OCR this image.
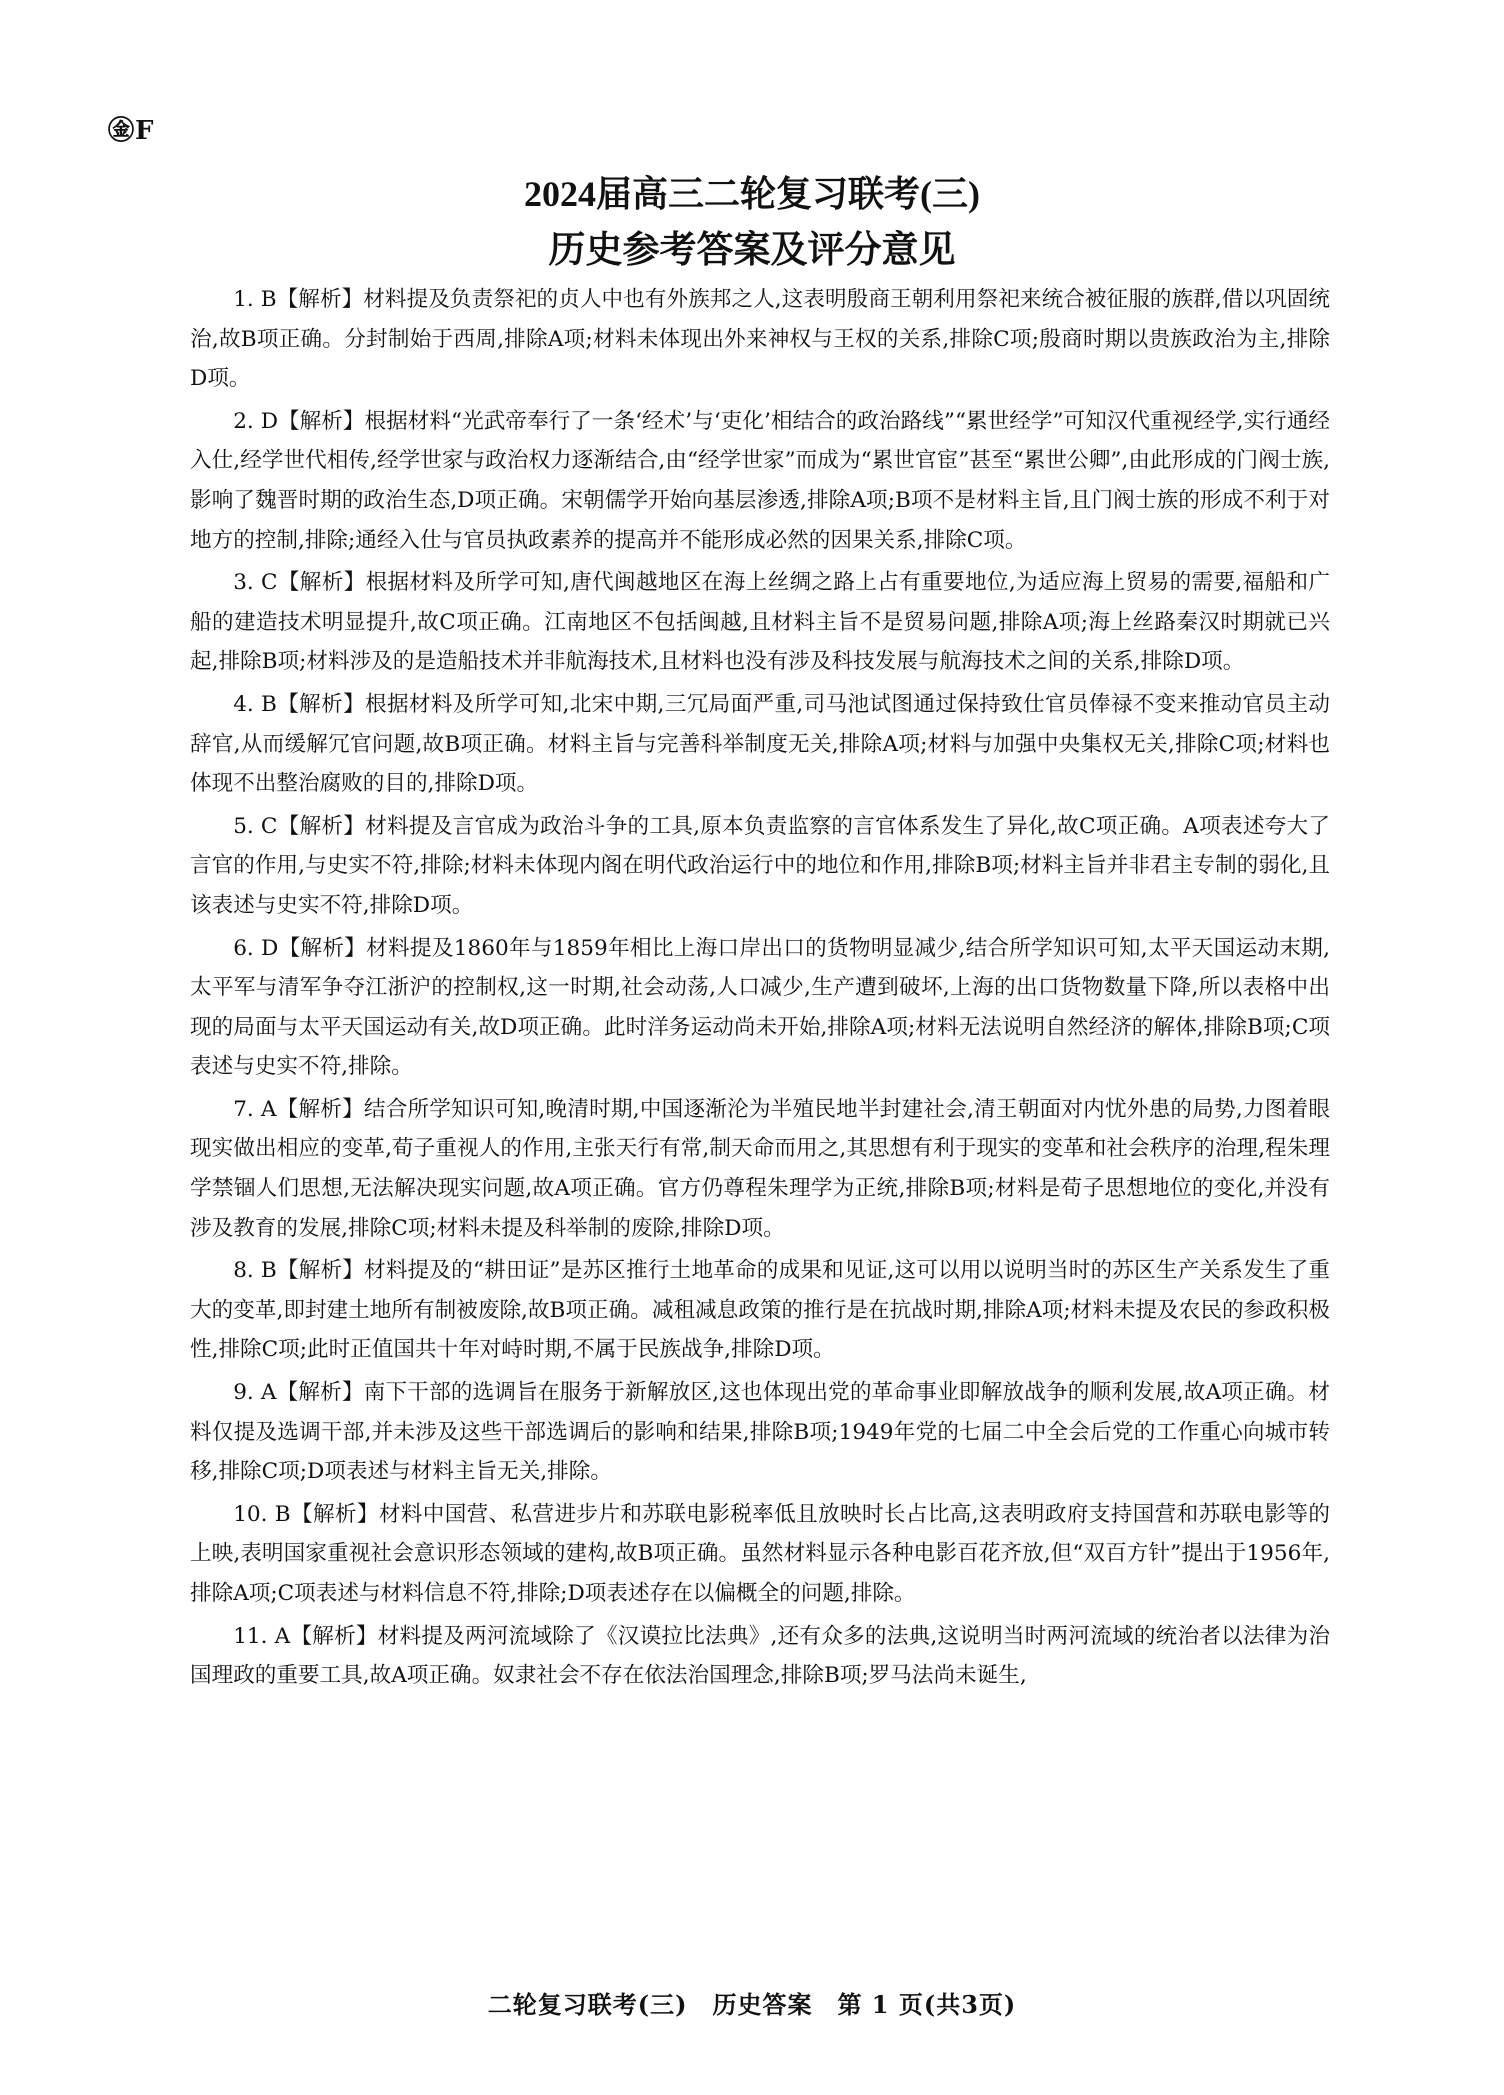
㊎F
2024届高三二轮复习联考(三)
历史参考答案及评分意见

1. B【解析】材料提及负责祭祀的贞人中也有外族邦之人,这表明殷商王朝利用祭祀来统合被征服的族群,借以巩固统治,故B项正确。分封制始于西周,排除A项;材料未体现出外来神权与王权的关系,排除C项;殷商时期以贵族政治为主,排除D项。

2. D【解析】根据材料“光武帝奉行了一条‘经术’与‘吏化’相结合的政治路线”“累世经学”可知汉代重视经学,实行通经入仕,经学世代相传,经学世家与政治权力逐渐结合,由“经学世家”而成为“累世官宦”甚至“累世公卿”,由此形成的门阀士族,影响了魏晋时期的政治生态,D项正确。宋朝儒学开始向基层渗透,排除A项;B项不是材料主旨,且门阀士族的形成不利于对地方的控制,排除;通经入仕与官员执政素养的提高并不能形成必然的因果关系,排除C项。

3. C【解析】根据材料及所学可知,唐代闽越地区在海上丝绸之路上占有重要地位,为适应海上贸易的需要,福船和广船的建造技术明显提升,故C项正确。江南地区不包括闽越,且材料主旨不是贸易问题,排除A项;海上丝路秦汉时期就已兴起,排除B项;材料涉及的是造船技术并非航海技术,且材料也没有涉及科技发展与航海技术之间的关系,排除D项。

4. B【解析】根据材料及所学可知,北宋中期,三冗局面严重,司马池试图通过保持致仕官员俸禄不变来推动官员主动辞官,从而缓解冗官问题,故B项正确。材料主旨与完善科举制度无关,排除A项;材料与加强中央集权无关,排除C项;材料也体现不出整治腐败的目的,排除D项。

5. C【解析】材料提及言官成为政治斗争的工具,原本负责监察的言官体系发生了异化,故C项正确。A项表述夸大了言官的作用,与史实不符,排除;材料未体现内阁在明代政治运行中的地位和作用,排除B项;材料主旨并非君主专制的弱化,且该表述与史实不符,排除D项。

6. D【解析】材料提及1860年与1859年相比上海口岸出口的货物明显减少,结合所学知识可知,太平天国运动末期,太平军与清军争夺江浙沪的控制权,这一时期,社会动荡,人口减少,生产遭到破坏,上海的出口货物数量下降,所以表格中出现的局面与太平天国运动有关,故D项正确。此时洋务运动尚未开始,排除A项;材料无法说明自然经济的解体,排除B项;C项表述与史实不符,排除。

7. A【解析】结合所学知识可知,晚清时期,中国逐渐沦为半殖民地半封建社会,清王朝面对内忧外患的局势,力图着眼现实做出相应的变革,荀子重视人的作用,主张天行有常,制天命而用之,其思想有利于现实的变革和社会秩序的治理,程朱理学禁锢人们思想,无法解决现实问题,故A项正确。官方仍尊程朱理学为正统,排除B项;材料是荀子思想地位的变化,并没有涉及教育的发展,排除C项;材料未提及科举制的废除,排除D项。

8. B【解析】材料提及的“耕田证”是苏区推行土地革命的成果和见证,这可以用以说明当时的苏区生产关系发生了重大的变革,即封建土地所有制被废除,故B项正确。减租减息政策的推行是在抗战时期,排除A项;材料未提及农民的参政积极性,排除C项;此时正值国共十年对峙时期,不属于民族战争,排除D项。

9. A【解析】南下干部的选调旨在服务于新解放区,这也体现出党的革命事业即解放战争的顺利发展,故A项正确。材料仅提及选调干部,并未涉及这些干部选调后的影响和结果,排除B项;1949年党的七届二中全会后党的工作重心向城市转移,排除C项;D项表述与材料主旨无关,排除。

10. B【解析】材料中国营、私营进步片和苏联电影税率低且放映时长占比高,这表明政府支持国营和苏联电影等的上映,表明国家重视社会意识形态领域的建构,故B项正确。虽然材料显示各种电影百花齐放,但“双百方针”提出于1956年,排除A项;C项表述与材料信息不符,排除;D项表述存在以偏概全的问题,排除。

11. A【解析】材料提及两河流域除了《汉谟拉比法典》,还有众多的法典,这说明当时两河流域的统治者以法律为治国理政的重要工具,故A项正确。奴隶社会不存在依法治国理念,排除B项;罗马法尚未诞生,

二轮复习联考(三)　历史答案　第 1 页(共3页)
